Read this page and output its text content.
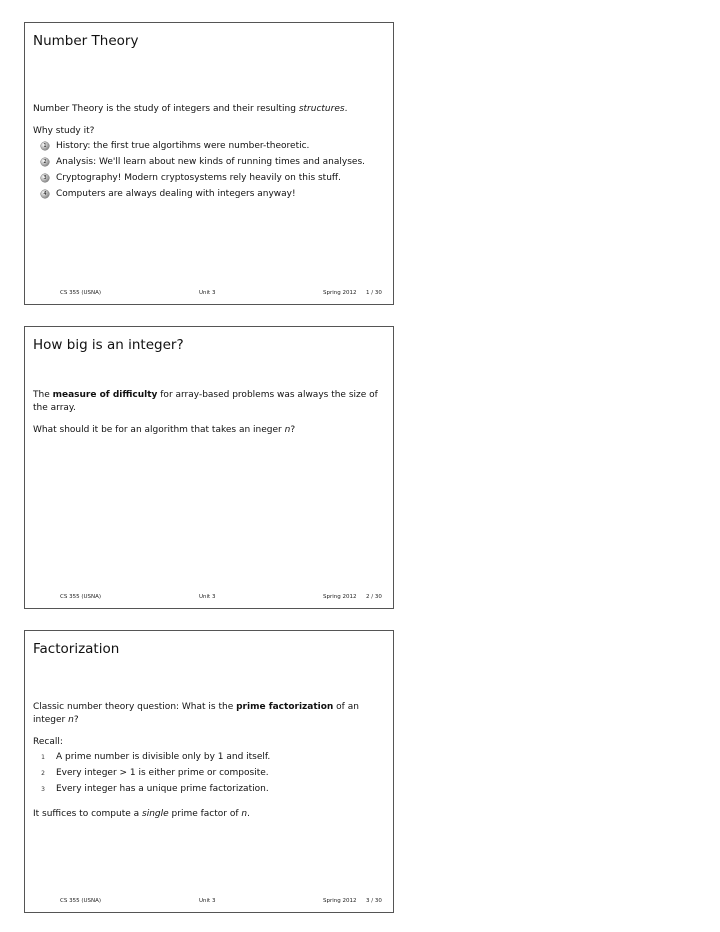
Number Theory

Number Theory is the study of integers and their resulting structures.

Why study it?

1 History: the first true algortihms were number-theoretic.
2 Analysis: We'll learn about new kinds of running times and analyses.
3 Cryptography! Modern cryptosystems rely heavily on this stuff.
4 Computers are always dealing with integers anyway!
CS 355 (USNA)	Unit 3	Spring 2012 1 / 30
How big is an integer?

The measure of difficulty for array-based problems was always the size of the array.

What should it be for an algorithm that takes an ineger n?

CS 355 (USNA)	Unit 3	Spring 2012 2 / 30
Factorization

Classic number theory question: What is the prime factorization of an integer n?

Recall:

1	A prime number is divisible only by 1 and itself.
2	Every integer > 1 is either prime or composite.
3	Every integer has a unique prime factorization.

It suffices to compute a single prime factor of n.

CS 355 (USNA)	Unit 3	Spring 2012 3 / 30
